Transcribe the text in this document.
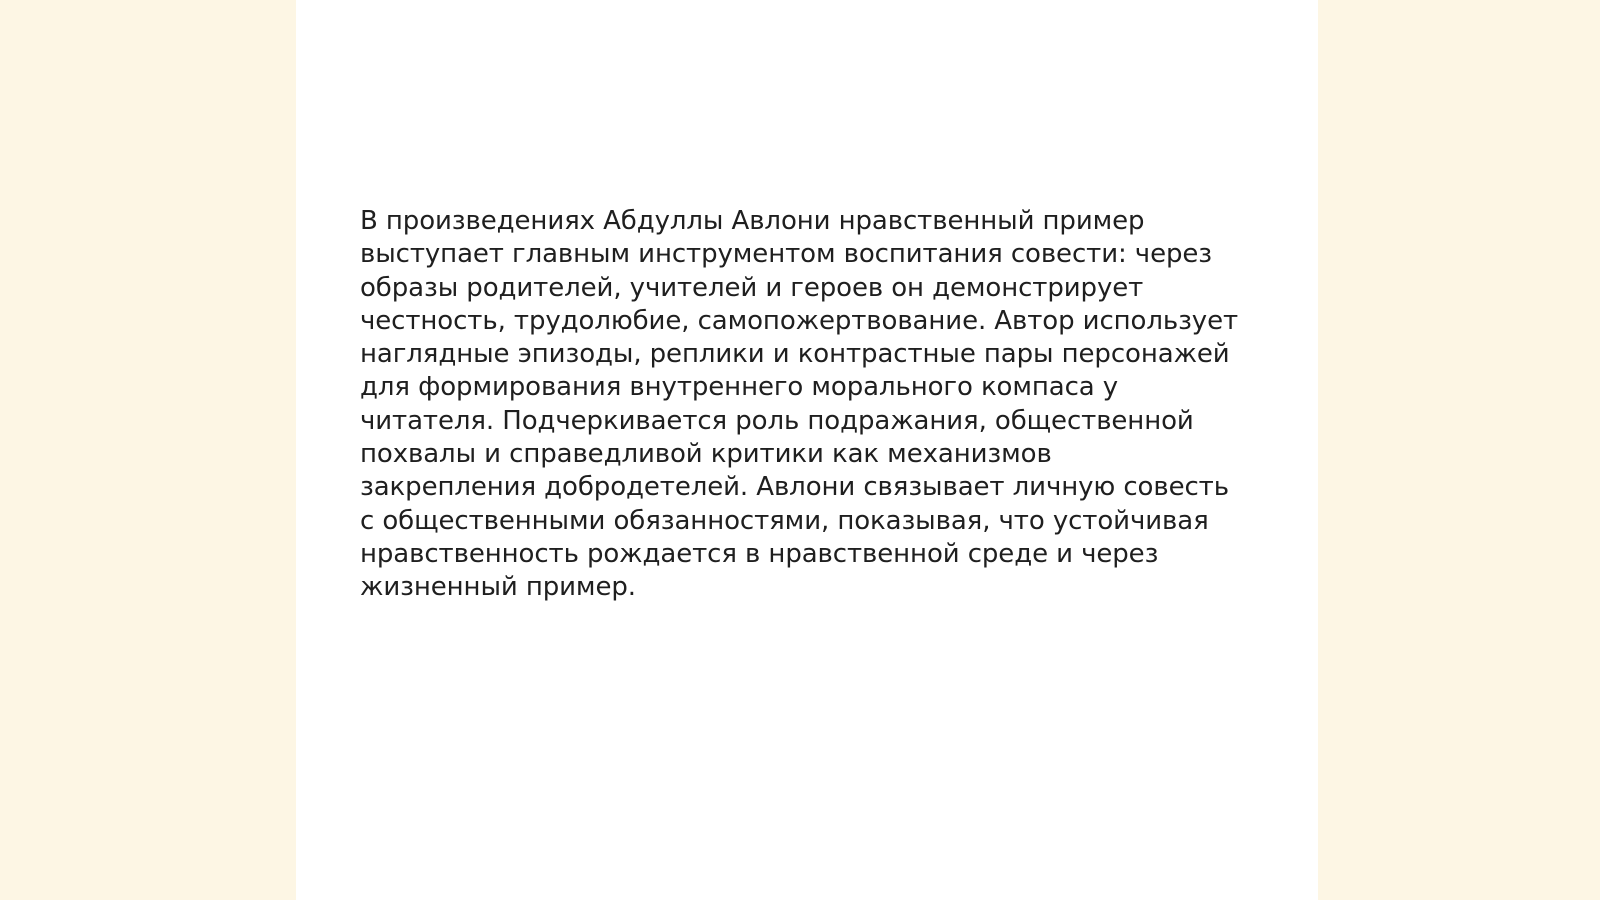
В произведениях Абдуллы Авлони нравственный пример
выступает главным инструментом воспитания совести: через
образы родителей, учителей и героев он демонстрирует
честность, трудолюбие, самопожертвование. Автор использует
наглядные эпизоды, реплики и контрастные пары персонажей
для формирования внутреннего морального компаса у
читателя. Подчеркивается роль подражания, общественной
похвалы и справедливой критики как механизмов
закрепления добродетелей. Авлони связывает личную совесть
с общественными обязанностями, показывая, что устойчивая
нравственность рождается в нравственной среде и через
жизненный пример.
